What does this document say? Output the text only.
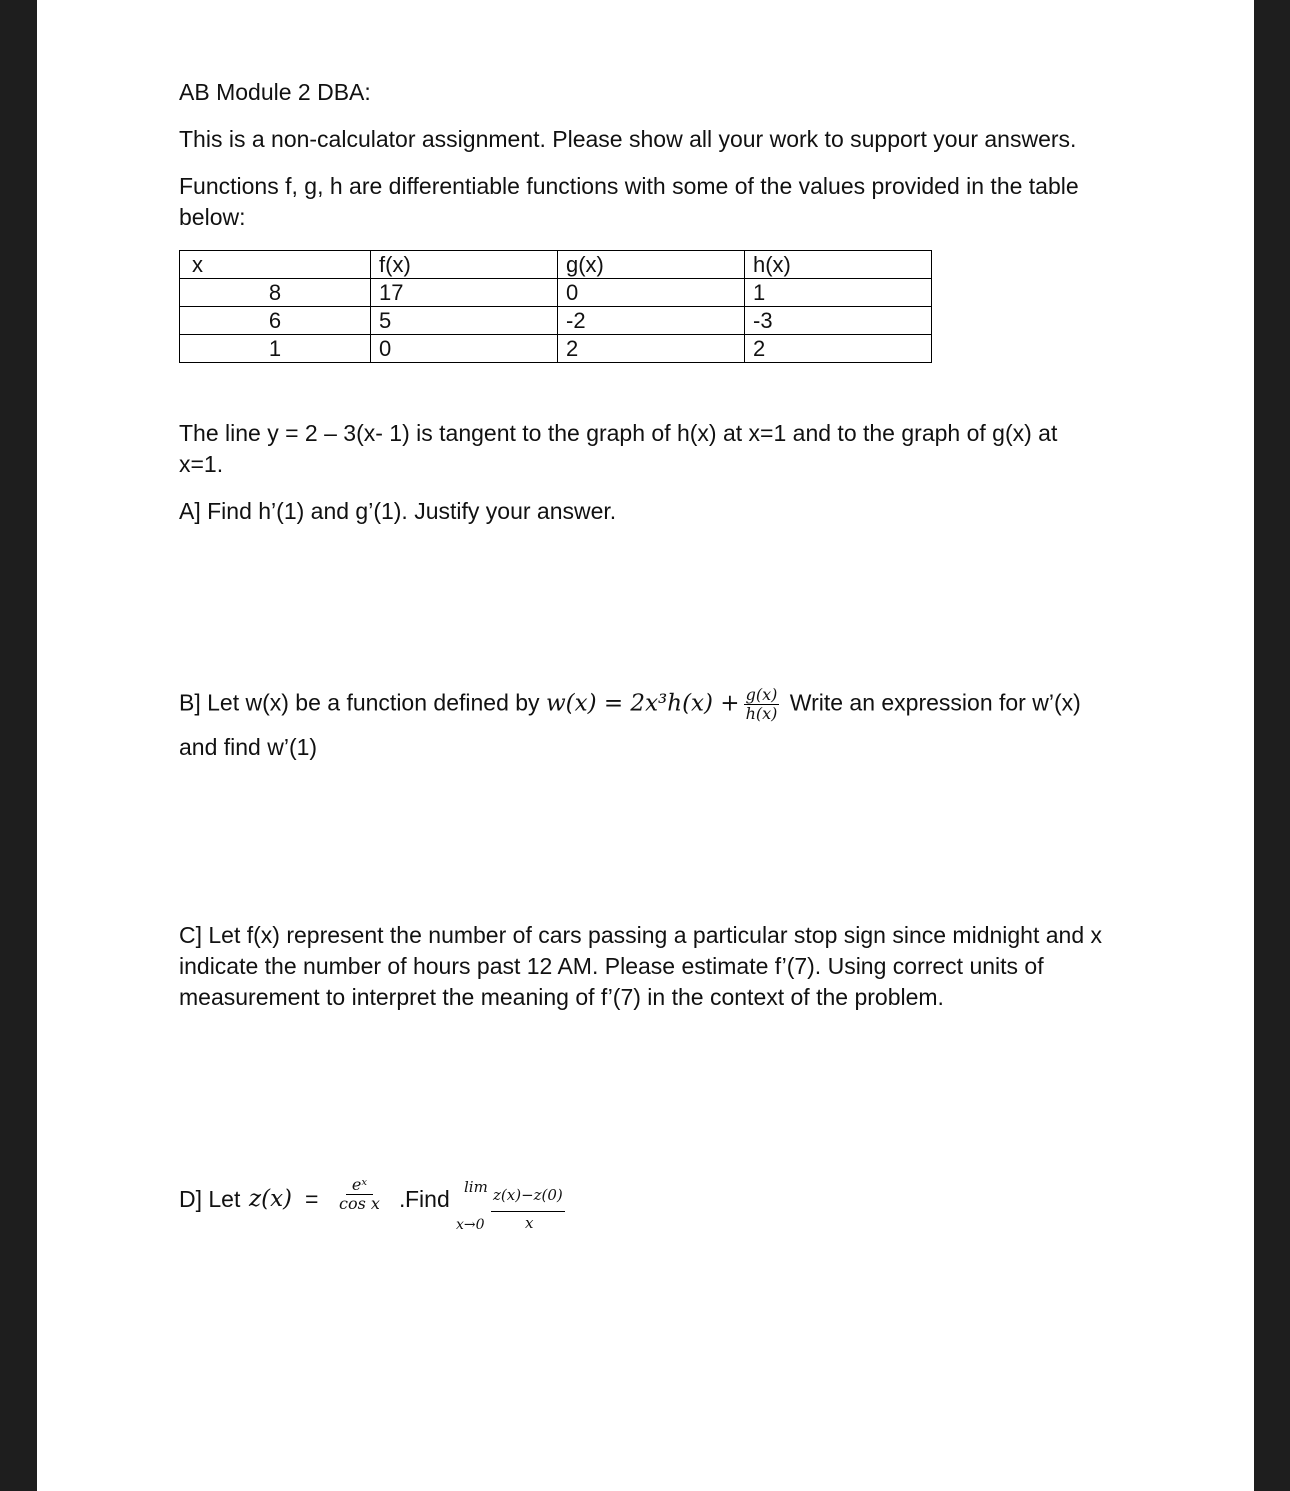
AB Module 2 DBA:

This is a non-calculator assignment. Please show all your work to support your answers.

Functions f, g, h are differentiable functions with some of the values provided in the table below:

x	f(x)	g(x)	h(x)
8	17	0	1
6	5	-2	-3
1	0	2	2

The line y = 2 – 3(x- 1) is tangent to the graph of h(x) at x=1 and to the graph of g(x) at x=1.

A] Find h’(1) and g’(1). Justify your answer.

B] Let w(x) be a function defined by $w(x) = 2x^3h(x) + \frac{g(x)}{h(x)}$ Write an expression for w’(x)

and find w’(1)

C] Let f(x) represent the number of cars passing a particular stop sign since midnight and x indicate the number of hours past 12 AM. Please estimate f’(7). Using correct units of measurement to interpret the meaning of f’(7) in the context of the problem.

D] Let $z(x) = \frac{\text{eˣ}}{\text{cos x}}$ . Find lim
x→0
z(x)−z(0)
x
